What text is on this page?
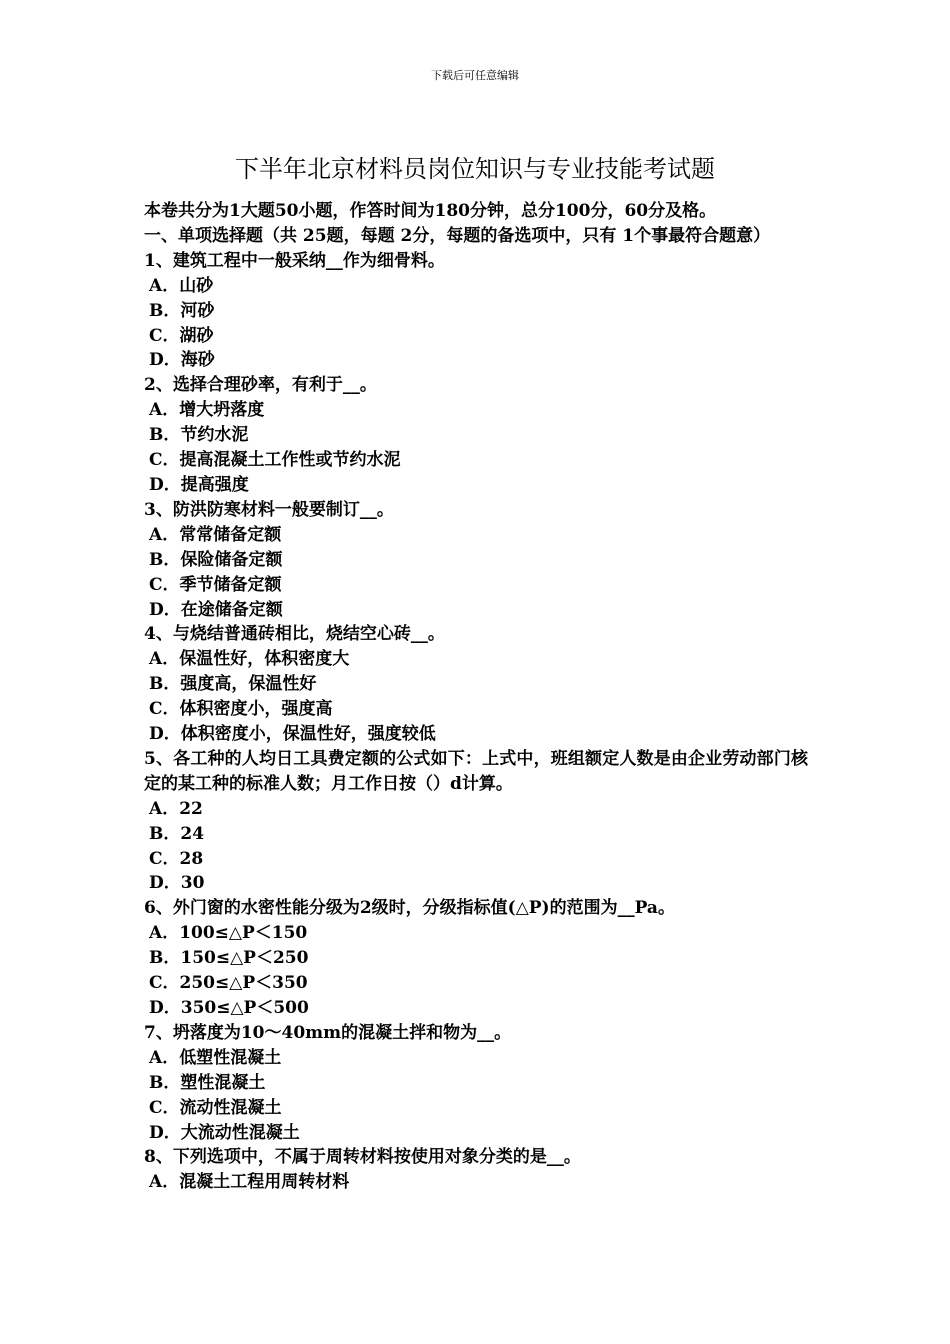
下载后可任意编辑
下半年北京材料员岗位知识与专业技能考试题
本卷共分为1大题50小题，作答时间为180分钟，总分100分，60分及格。
一、单项选择题（共 25题，每题 2分，每题的备选项中，只有 1个事最符合题意）
1、建筑工程中一般采纳__作为细骨料。
A．山砂
B．河砂
C．湖砂
D．海砂
2、选择合理砂率，有利于__。
A．增大坍落度
B．节约水泥
C．提高混凝土工作性或节约水泥
D．提高强度
3、防洪防寒材料一般要制订__。
A．常常储备定额
B．保险储备定额
C．季节储备定额
D．在途储备定额
4、与烧结普通砖相比，烧结空心砖__。
A．保温性好，体积密度大
B．强度高，保温性好
C．体积密度小，强度高
D．体积密度小，保温性好，强度较低
5、各工种的人均日工具费定额的公式如下：上式中，班组额定人数是由企业劳动部门核定的某工种的标准人数；月工作日按（）d计算。
A．22
B．24
C．28
D．30
6、外门窗的水密性能分级为2级时，分级指标值(△P)的范围为__Pa。
A．100≤△P＜150
B．150≤△P＜250
C．250≤△P＜350
D．350≤△P＜500
7、坍落度为10～40mm的混凝土拌和物为__。
A．低塑性混凝土
B．塑性混凝土
C．流动性混凝土
D．大流动性混凝土
8、下列选项中，不属于周转材料按使用对象分类的是__。
A．混凝土工程用周转材料
